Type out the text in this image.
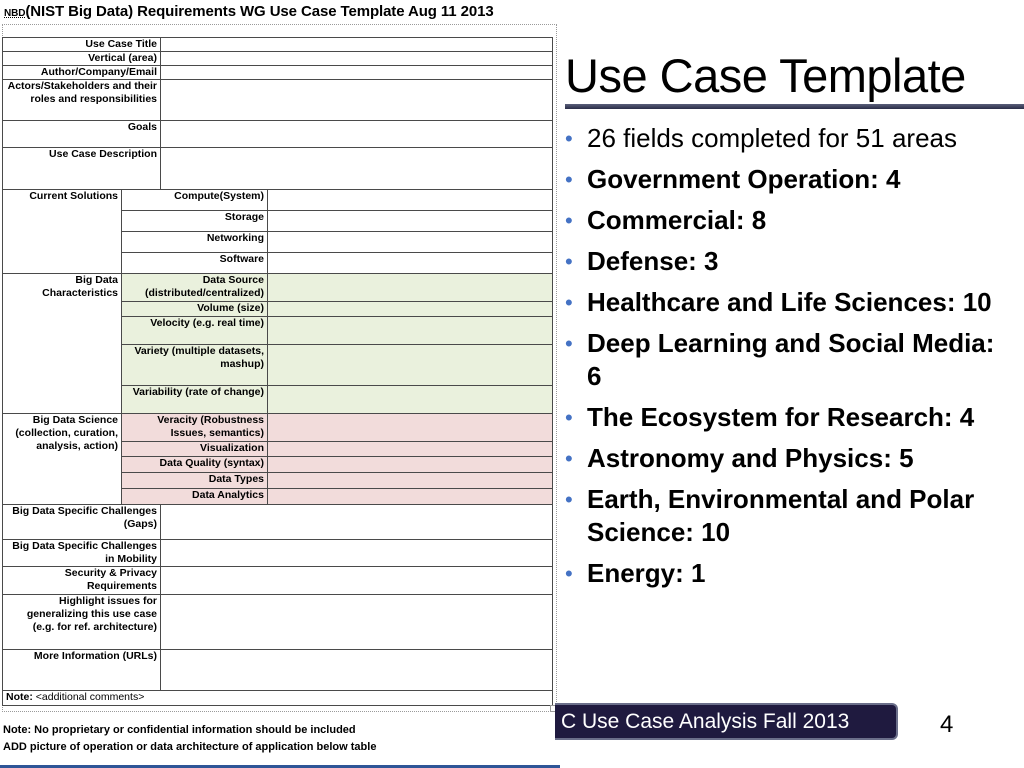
NBD(NIST Big Data) Requirements WG Use Case Template Aug 11 2013
Use Case Title			
Vertical (area)			
Author/Company/Email			
Actors/Stakeholders and their roles and responsibilities			
Goals			
Use Case Description			
Current Solutions	Compute(System)		
	Storage		
	Networking		
	Software		
Big Data Characteristics	Data Source (distributed/centralized)		
	Volume (size)		
	Velocity (e.g. real time)		
	Variety (multiple datasets, mashup)		
	Variability (rate of change)		
Big Data Science (collection, curation, analysis, action)	Veracity (Robustness Issues, semantics)		
	Visualization		
	Data Quality (syntax)		
	Data Types		
	Data Analytics		
Big Data Specific Challenges (Gaps)			
Big Data Specific Challenges in Mobility			
Security & Privacy Requirements			
Highlight issues for generalizing this use case (e.g. for ref. architecture)			
More Information (URLs)			
Note: <additional comments>			
Note: No proprietary or confidential information should be included
ADD picture of operation or data architecture of application below table
Use Case Template
• 26 fields completed for 51 areas
• Government Operation: 4
• Commercial: 8
• Defense: 3
• Healthcare and Life Sciences: 10
• Deep Learning and Social Media: 6
• The Ecosystem for Research: 4
• Astronomy and Physics: 5
• Earth, Environmental and Polar Science: 10
• Energy: 1
C Use Case Analysis Fall 2013	4
